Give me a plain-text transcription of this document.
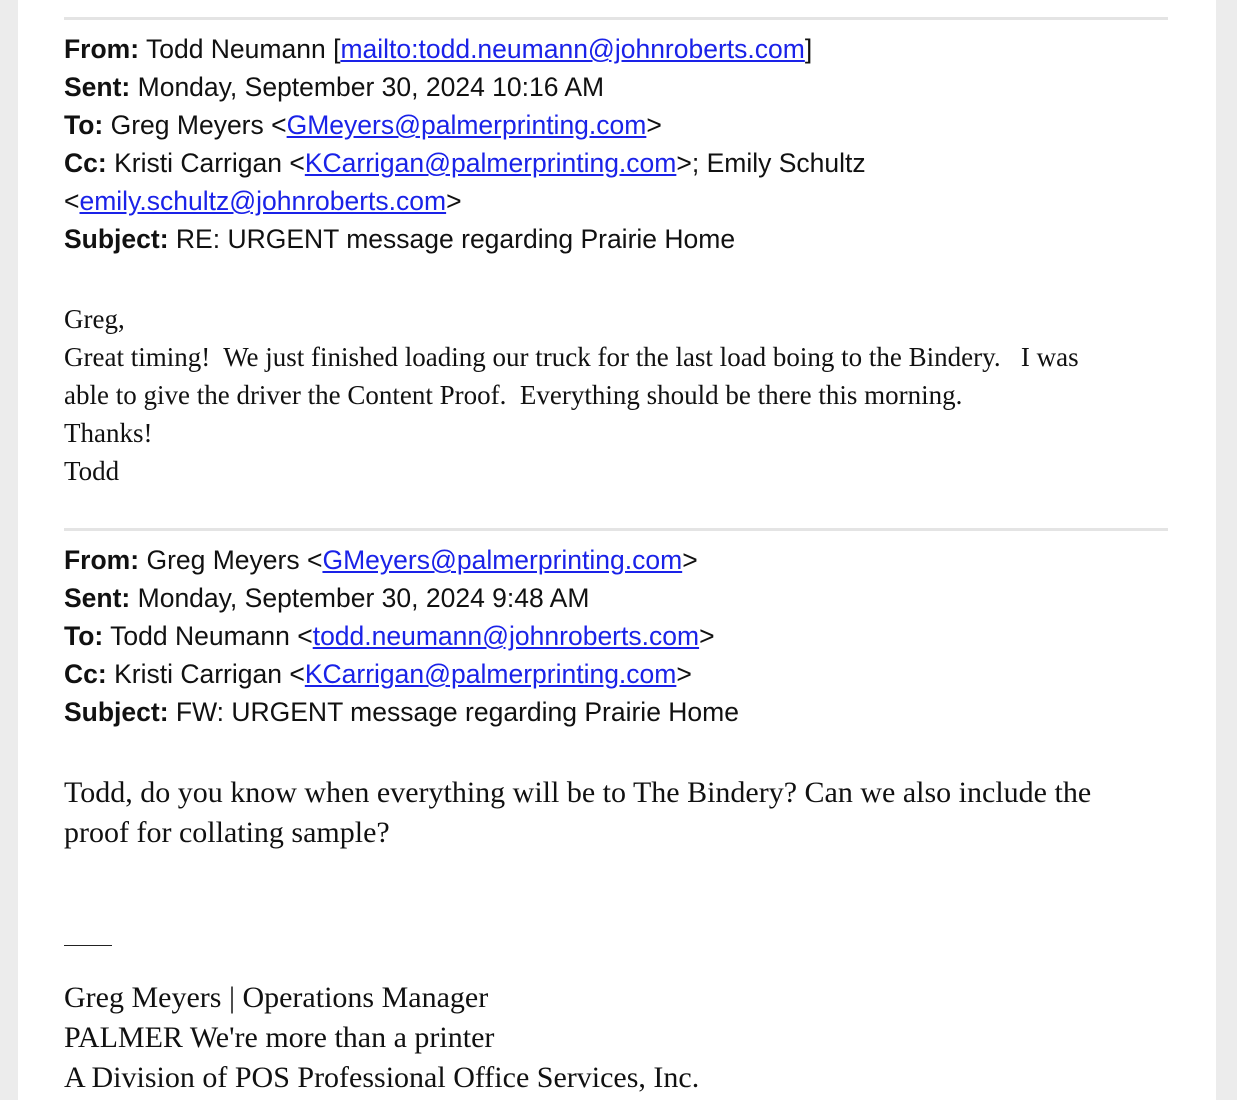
From: Todd Neumann [mailto:todd.neumann@johnroberts.com]
Sent: Monday, September 30, 2024 10:16 AM
To: Greg Meyers <GMeyers@palmerprinting.com>
Cc: Kristi Carrigan <KCarrigan@palmerprinting.com>; Emily Schultz <emily.schultz@johnroberts.com>
Subject: RE: URGENT message regarding Prairie Home
Greg,
Great timing!  We just finished loading our truck for the last load boing to the Bindery.   I was
able to give the driver the Content Proof.  Everything should be there this morning.
Thanks!
Todd
From: Greg Meyers <GMeyers@palmerprinting.com>
Sent: Monday, September 30, 2024 9:48 AM
To: Todd Neumann <todd.neumann@johnroberts.com>
Cc: Kristi Carrigan <KCarrigan@palmerprinting.com>
Subject: FW: URGENT message regarding Prairie Home
Todd, do you know when everything will be to The Bindery? Can we also include the
proof for collating sample?
Greg Meyers | Operations Manager
PALMER We're more than a printer
A Division of POS Professional Office Services, Inc.
